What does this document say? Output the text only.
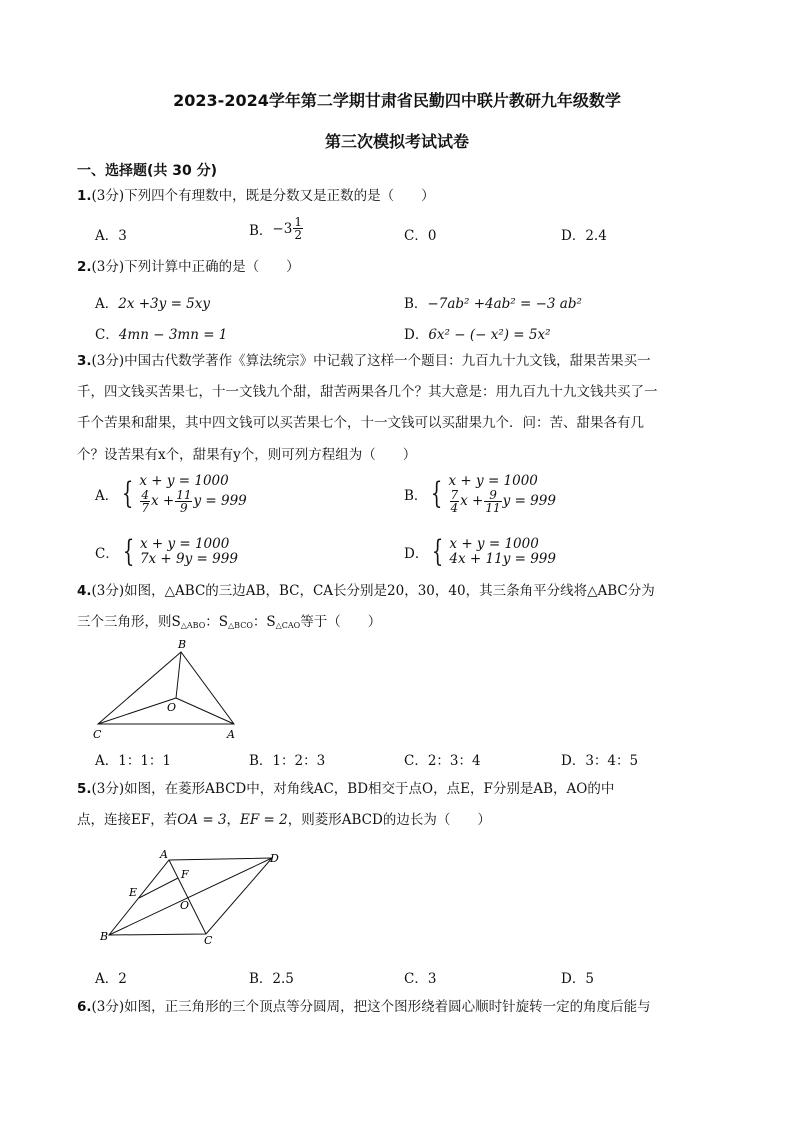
2023-2024学年第二学期甘肃省民勤四中联片教研九年级数学
第三次模拟考试试卷
一、选择题(共 30 分)
1.(3分)下列四个有理数中，既是分数又是正数的是（　　）
A．3	B． $-3 \frac{1}{2}$	C．0	D．2.4
2.(3分)下列计算中正确的是（　　）
A．2x +3y = 5xy	B．−7ab² +4ab² = −3 ab²
C．4mn − 3mn = 1	D．6x² − (− x²) = 5x²
3.(3分)中国古代数学著作《算法统宗》中记载了这样一个题目：九百九十九文钱，甜果苦果买一
千，四文钱买苦果七，十一文钱九个甜，甜苦两果各几个？其大意是：用九百九十九文钱共买了一
千个苦果和甜果，其中四文钱可以买苦果七个，十一文钱可以买甜果九个．问：苦、甜果各有几
个？设苦果有x个，甜果有y个，则可列方程组为（　　）
A． { x + y = 1000
$\frac{4}{7}$ $x + \frac{11}{9}$ y = 999	B． { x + y = 1000
$\frac{7}{4}$ $x + \frac{9}{11}$ y = 999
C． { x + y = 1000
7x + 9y = 999	D． { x + y = 1000
4x + 11y = 999
4.(3分)如图，△ABC的三边AB，BC，CA长分别是20，30，40，其三条角平分线将△ABC分为
三个三角形，则$S_{\triangle ABO}$：$S_{\triangle BCO}$：$S_{\triangle CAO}$等于（　　）
B
O
C	A
A．1：1：1	B．1：2：3	C．2：3：4	D．3：4：5
5.(3分)如图，在菱形ABCD中，对角线AC，BD相交于点O，点E，F分别是AB，AO的中
点，连接EF，若OA = 3，EF = 2，则菱形ABCD的边长为（　　）
A	D
F
E
O
B	C
A．2	B．2.5	C．3	D．5
6.(3分)如图，正三角形的三个顶点等分圆周，把这个图形绕着圆心顺时针旋转一定的角度后能与
